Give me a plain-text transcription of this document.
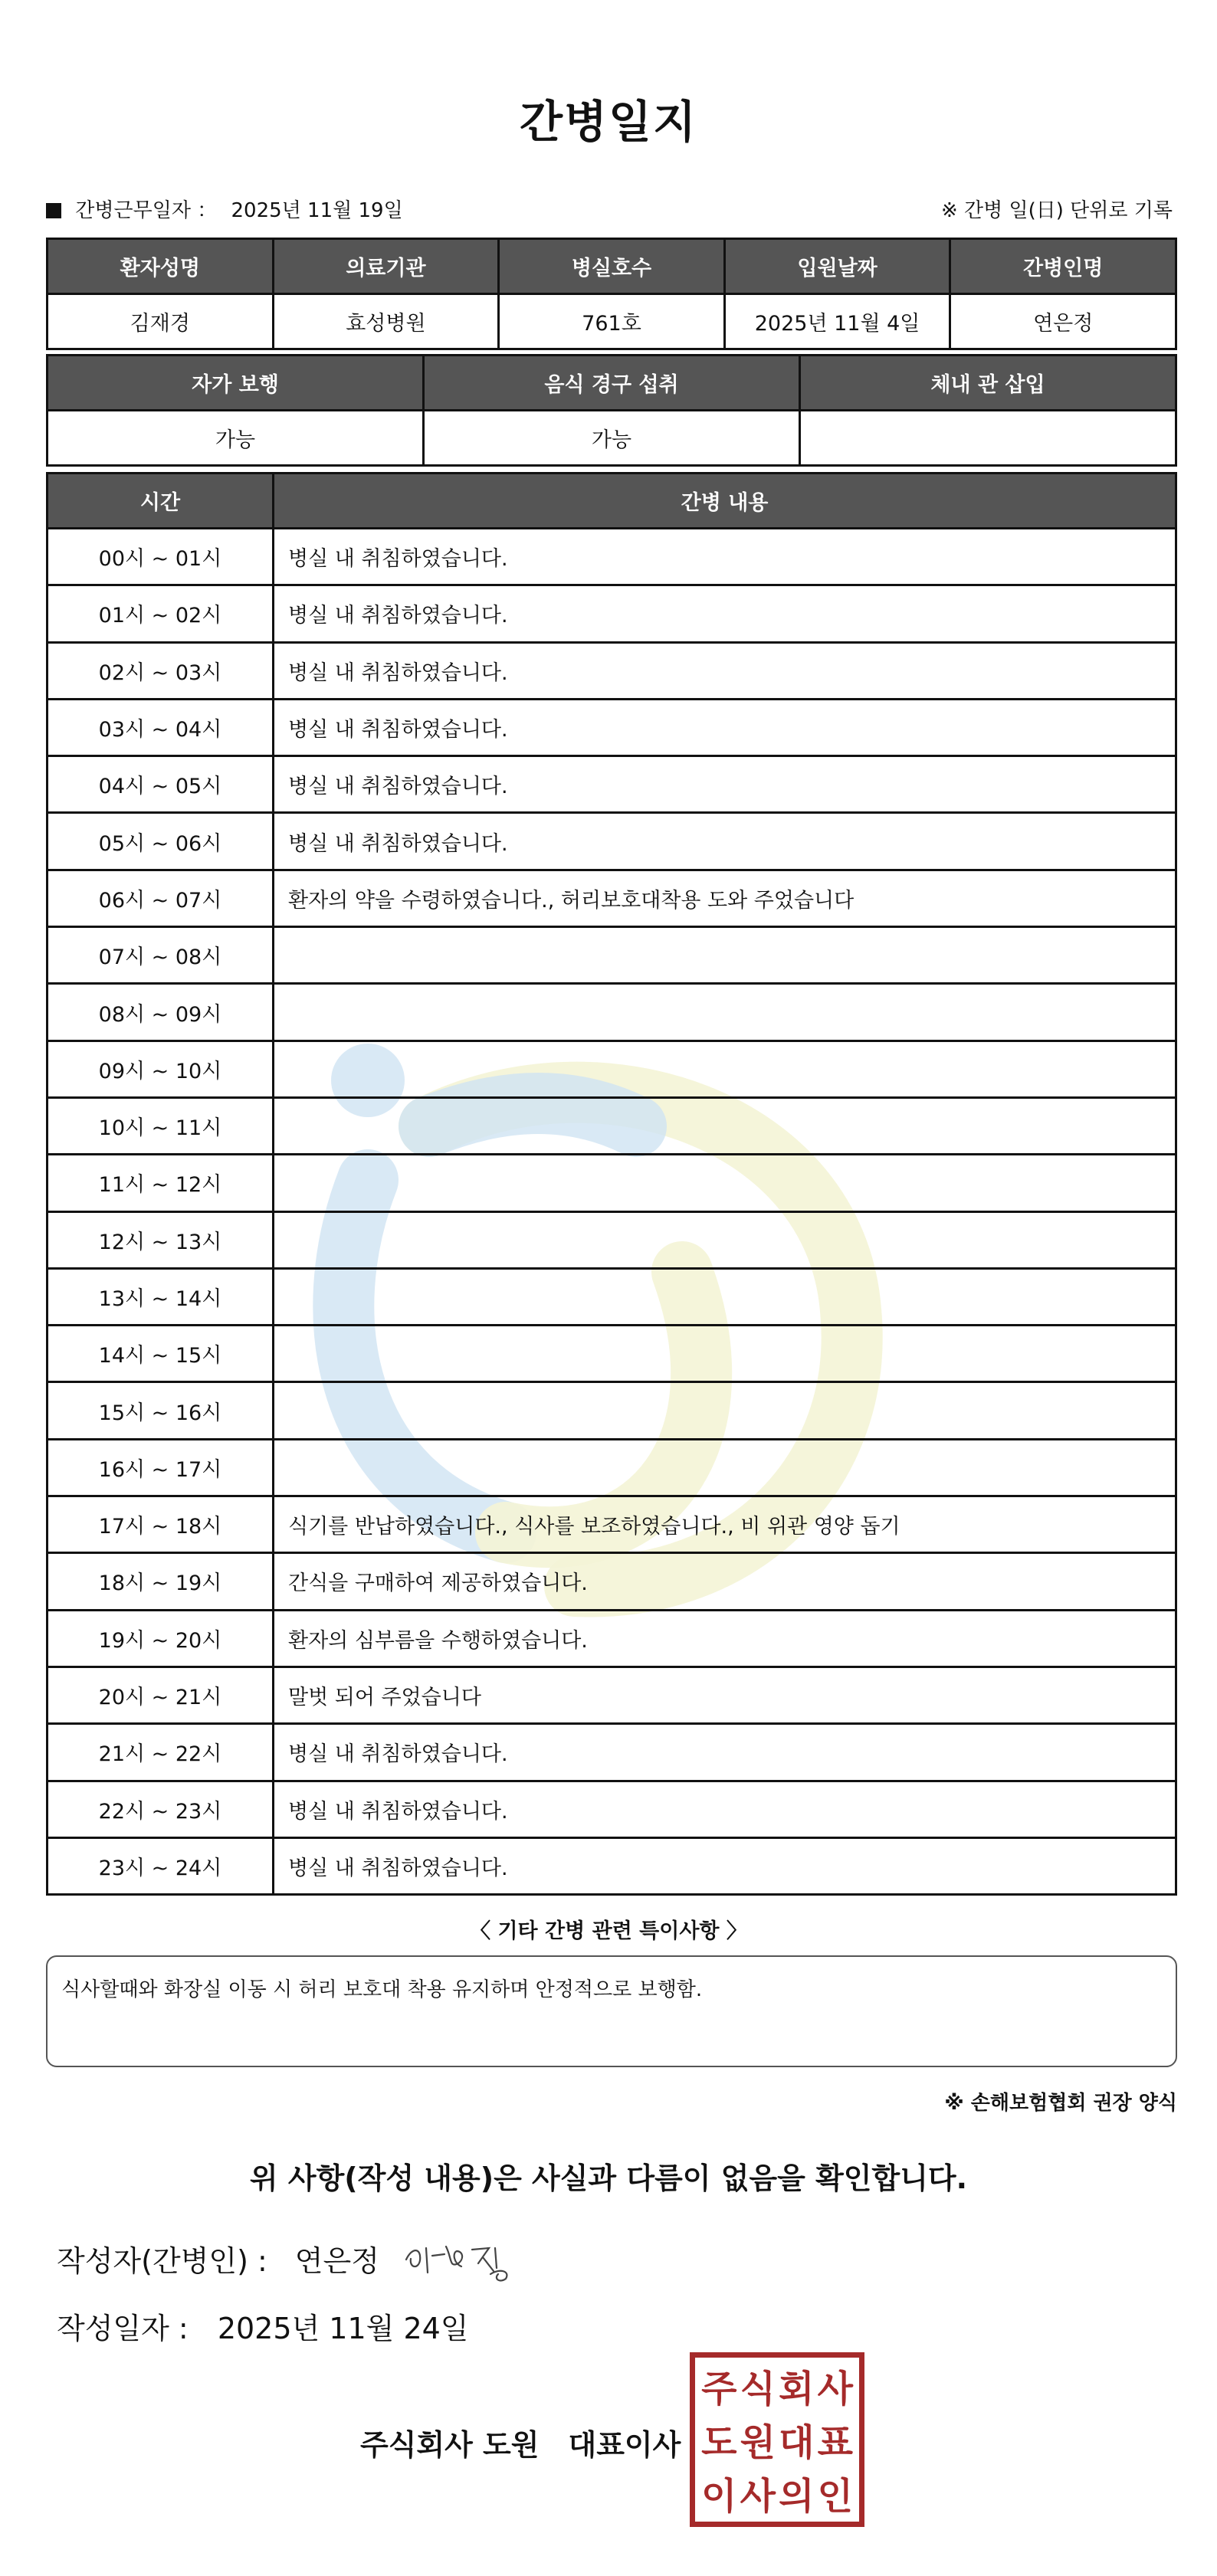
간병일지
간병근무일자 ： 2025년 11월 19일	※ 간병 일(日) 단위로 기록
환자성명	의료기관	병실호수	입원날짜	간병인명
김재경	효성병원	761호	2025년 11월 4일	연은정
자가 보행	음식 경구 섭취	체내 관 삽입
가능	가능	
시간	간병 내용
00시 ~ 01시	병실 내 취침하였습니다.
01시 ~ 02시	병실 내 취침하였습니다.
02시 ~ 03시	병실 내 취침하였습니다.
03시 ~ 04시	병실 내 취침하였습니다.
04시 ~ 05시	병실 내 취침하였습니다.
05시 ~ 06시	병실 내 취침하였습니다.
06시 ~ 07시	환자의 약을 수령하였습니다., 허리보호대착용 도와 주었습니다
07시 ~ 08시	
08시 ~ 09시	
09시 ~ 10시	
10시 ~ 11시	
11시 ~ 12시	
12시 ~ 13시	
13시 ~ 14시	
14시 ~ 15시	
15시 ~ 16시	
16시 ~ 17시	
17시 ~ 18시	식기를 반납하였습니다., 식사를 보조하였습니다., 비 위관 영양 돕기
18시 ~ 19시	간식을 구매하여 제공하였습니다.
19시 ~ 20시	환자의 심부름을 수행하였습니다.
20시 ~ 21시	말벗 되어 주었습니다
21시 ~ 22시	병실 내 취침하였습니다.
22시 ~ 23시	병실 내 취침하였습니다.
23시 ~ 24시	병실 내 취침하였습니다.
〈 기타 간병 관련 특이사항 〉
식사할때와 화장실 이동 시 허리 보호대 착용 유지하며 안정적으로 보행함.
※ 손해보험협회 권장 양식
위 사항(작성 내용)은 사실과 다름이 없음을 확인합니다.
작성자(간병인) : 연은정
작성일자 : 2025년 11월 24일
주식회사 도원 대표이사
주 식 회 사
도 원 대 표
이 사 의 인
